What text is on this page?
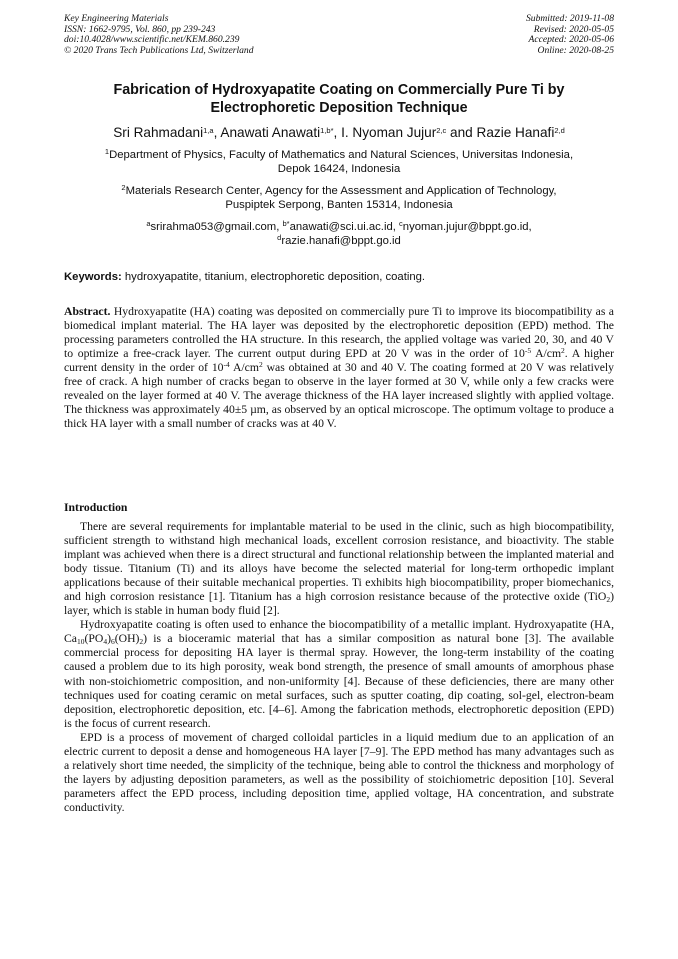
Key Engineering Materials
ISSN: 1662-9795, Vol. 860, pp 239-243
doi:10.4028/www.scientific.net/KEM.860.239
© 2020 Trans Tech Publications Ltd, Switzerland
Submitted: 2019-11-08
Revised: 2020-05-05
Accepted: 2020-05-06
Online: 2020-08-25
Fabrication of Hydroxyapatite Coating on Commercially Pure Ti by
Electrophoretic Deposition Technique
Sri Rahmadani$^{1,a}$, Anawati Anawati$^{1,b*}$, I. Nyoman Jujur$^{2,c}$ and Razie Hanafi$^{2,d}$
$^1$Department of Physics, Faculty of Mathematics and Natural Sciences, Universitas Indonesia,
Depok 16424, Indonesia
$^2$Materials Research Center, Agency for the Assessment and Application of Technology,
Puspiptek Serpong, Banten 15314, Indonesia
$^a$srirahma053@gmail.com, $^{b*}$anawati@sci.ui.ac.id, $^c$nyoman.jujur@bppt.go.id,
$^d$razie.hanafi@bppt.go.id
Keywords: hydroxyapatite, titanium, electrophoretic deposition, coating.
Abstract. Hydroxyapatite (HA) coating was deposited on commercially pure Ti to improve its biocompatibility as a biomedical implant material. The HA layer was deposited by the electrophoretic deposition (EPD) method. The processing parameters controlled the HA structure. In this research, the applied voltage was varied 20, 30, and 40 V to optimize a free-crack layer. The current output during EPD at 20 V was in the order of $10^{-5}$ $A/cm^2$. A higher current density in the order of $10^{-4}$ $A/cm^2$ was obtained at 30 and 40 V. The coating formed at 20 V was relatively free of crack. A high number of cracks began to observe in the layer formed at 30 V, while only a few cracks were revealed on the layer formed at 40 V. The average thickness of the HA layer increased slightly with applied voltage. The thickness was approximately 40±5 µm, as observed by an optical microscope. The optimum voltage to produce a thick HA layer with a small number of cracks was at 40 V.
Introduction

There are several requirements for implantable material to be used in the clinic, such as high biocompatibility, sufficient strength to withstand high mechanical loads, excellent corrosion resistance, and bioactivity. The stable implant was achieved when there is a direct structural and functional relationship between the implanted material and body tissue. Titanium (Ti) and its alloys have become the selected material for long-term orthopedic implant applications because of their suitable mechanical properties. Ti exhibits high biocompatibility, proper biomechanics, and high corrosion resistance [1]. Titanium has a high corrosion resistance because of the protective oxide (TiO$_2$) layer, which is stable in human body fluid [2].

Hydroxyapatite coating is often used to enhance the biocompatibility of a metallic implant. Hydroxyapatite (HA, $Ca_{10}(PO_4)_6(OH)_2$) is a bioceramic material that has a similar composition as natural bone [3]. The available commercial process for depositing HA layer is thermal spray. However, the long-term instability of the coating caused a problem due to its high porosity, weak bond strength, the presence of small amounts of amorphous phase with non-stoichiometric composition, and non-uniformity [4]. Because of these deficiencies, there are many other techniques used for coating ceramic on metal surfaces, such as sputter coating, dip coating, sol-gel, electron-beam deposition, electrophoretic deposition, etc. [4–6]. Among the fabrication methods, electrophoretic deposition (EPD) is the focus of current research.

EPD is a process of movement of charged colloidal particles in a liquid medium due to an application of an electric current to deposit a dense and homogeneous HA layer [7–9]. The EPD method has many advantages such as a relatively short time needed, the simplicity of the technique, being able to control the thickness and morphology of the layers by adjusting deposition parameters, as well as the possibility of stoichiometric deposition [10]. Several parameters affect the EPD process, including deposition time, applied voltage, HA concentration, and substrate conductivity.
